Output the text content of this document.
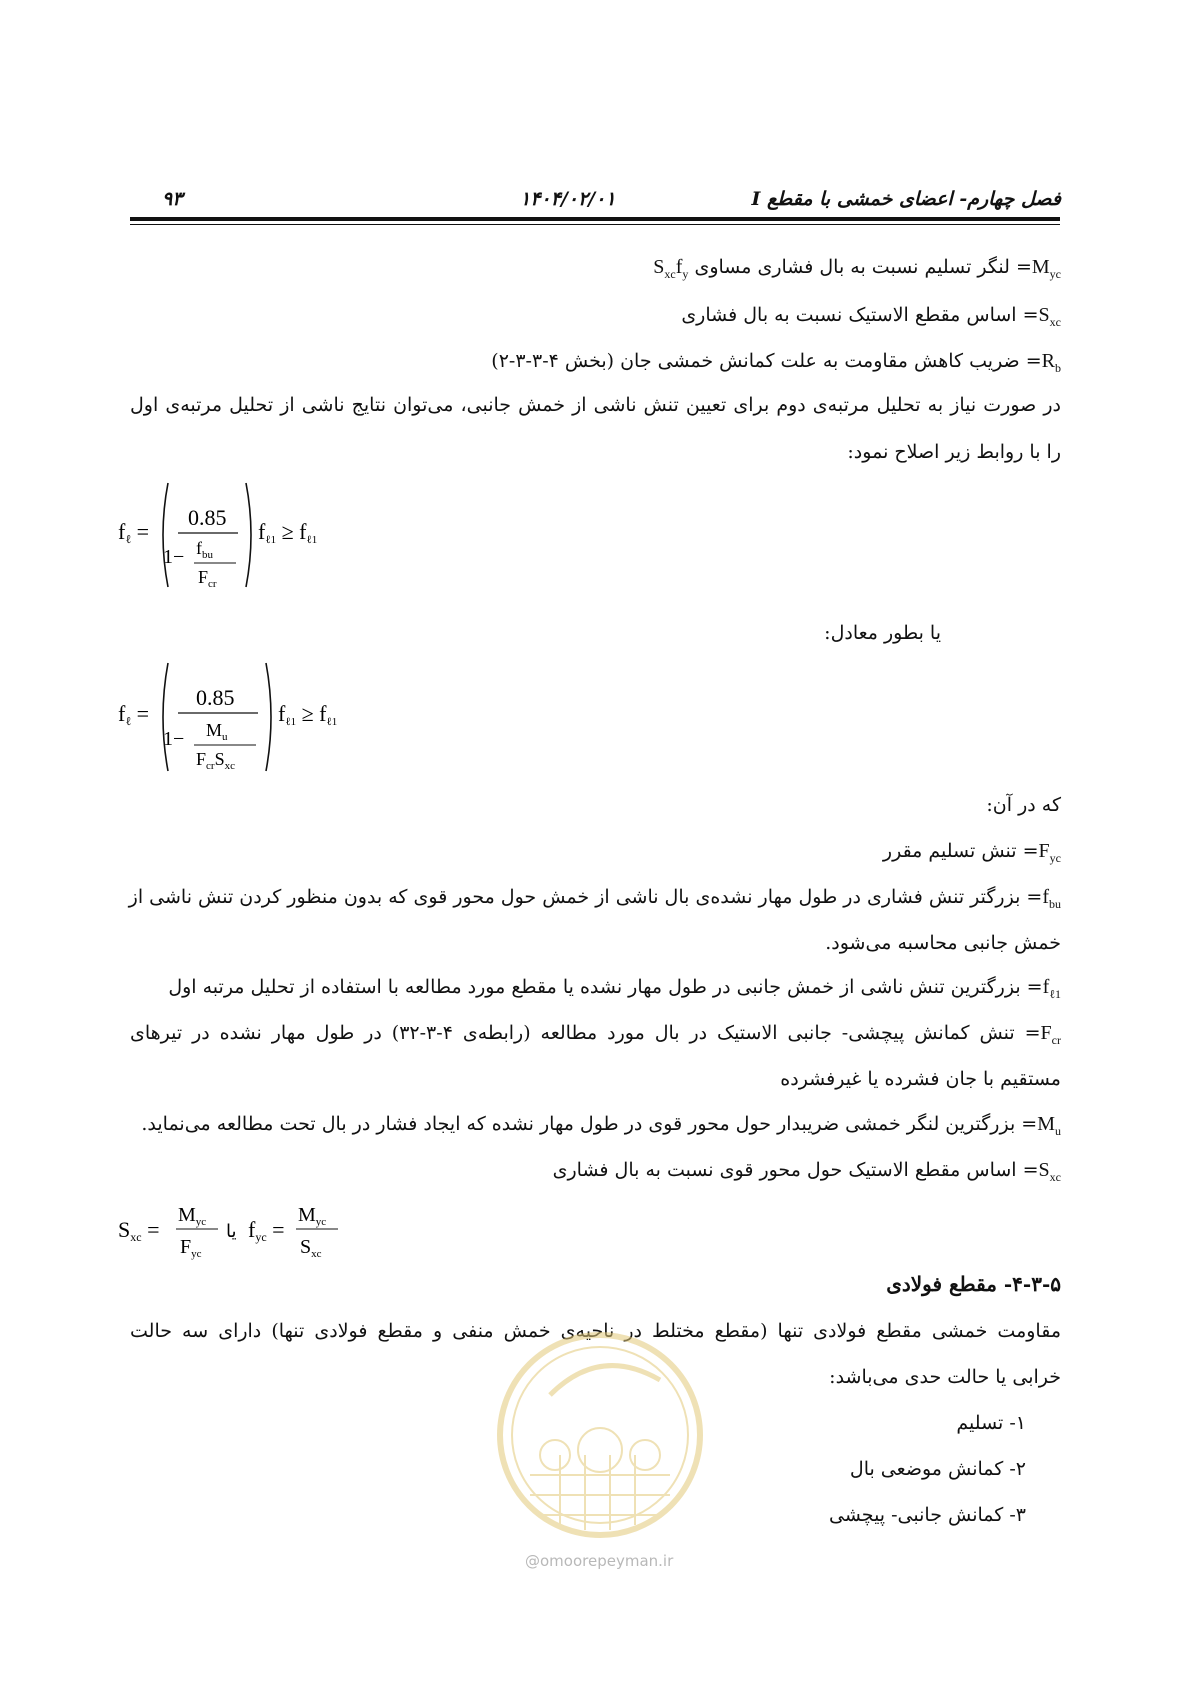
فصل چهارم- اعضای خمشی با مقطع I
۱۴۰۴/۰۲/۰۱
۹۳
$M_{yc}=$ لنگر تسلیم نسبت به بال فشاری مساوی $S_{xc}f_y$
$S_{xc}=$ اساس مقطع الاستیک نسبت به بال فشاری
$R_b=$ ضریب کاهش مقاومت به علت کمانش خمشی جان (بخش ۴-۳-۳-۲)
در صورت نیاز به تحلیل مرتبه‌ی دوم برای تعیین تنش ناشی از خمش جانبی، می‌توان نتایج ناشی از تحلیل مرتبه‌ی اول
را با روابط زیر اصلاح نمود:
fℓ =
0.85
$1- f_{bu}$
$F_{cr}$
fℓ1 ≥ fℓ1
یا بطور معادل:
fℓ =
0.85
$1- M_u$
$F_{cr}S_{xc}$
fℓ1 ≥ fℓ1
که در آن:
$F_{yc}=$ تنش تسلیم مقرر
$f_{bu}=$ بزرگتر تنش فشاری در طول مهار نشده‌ی بال ناشی از خمش حول محور قوی که بدون منظور کردن تنش ناشی از
خمش جانبی محاسبه می‌شود.
$f_{\ell 1}=$ بزرگترین تنش ناشی از خمش جانبی در طول مهار نشده یا مقطع مورد مطالعه با استفاده از تحلیل مرتبه اول
$F_{cr}=$ تنش کمانش پیچشی- جانبی الاستیک در بال مورد مطالعه (رابطه‌ی ۴-۳-۳۲) در طول مهار نشده در تیرهای
مستقیم با جان فشرده یا غیرفشرده
$M_u=$ بزرگترین لنگر خمشی ضریبدار حول محور قوی در طول مهار نشده که ایجاد فشار در بال تحت مطالعه می‌نماید.
$S_{xc}=$ اساس مقطع الاستیک حول محور قوی نسبت به بال فشاری
Sxc =
$M_{yc}$
$F_{yc}$
یا fyc =
$M_{yc}$
$S_{xc}$
۴-۳-۵- مقطع فولادی
مقاومت خمشی مقطع فولادی تنها (مقطع مختلط در ناحیه‌ی خمش منفی و مقطع فولادی تنها) دارای سه حالت
خرابی یا حالت حدی می‌باشد:
۱- تسلیم
۲- کمانش موضعی بال
۳- کمانش جانبی- پیچشی
@omoorepeyman.ir
